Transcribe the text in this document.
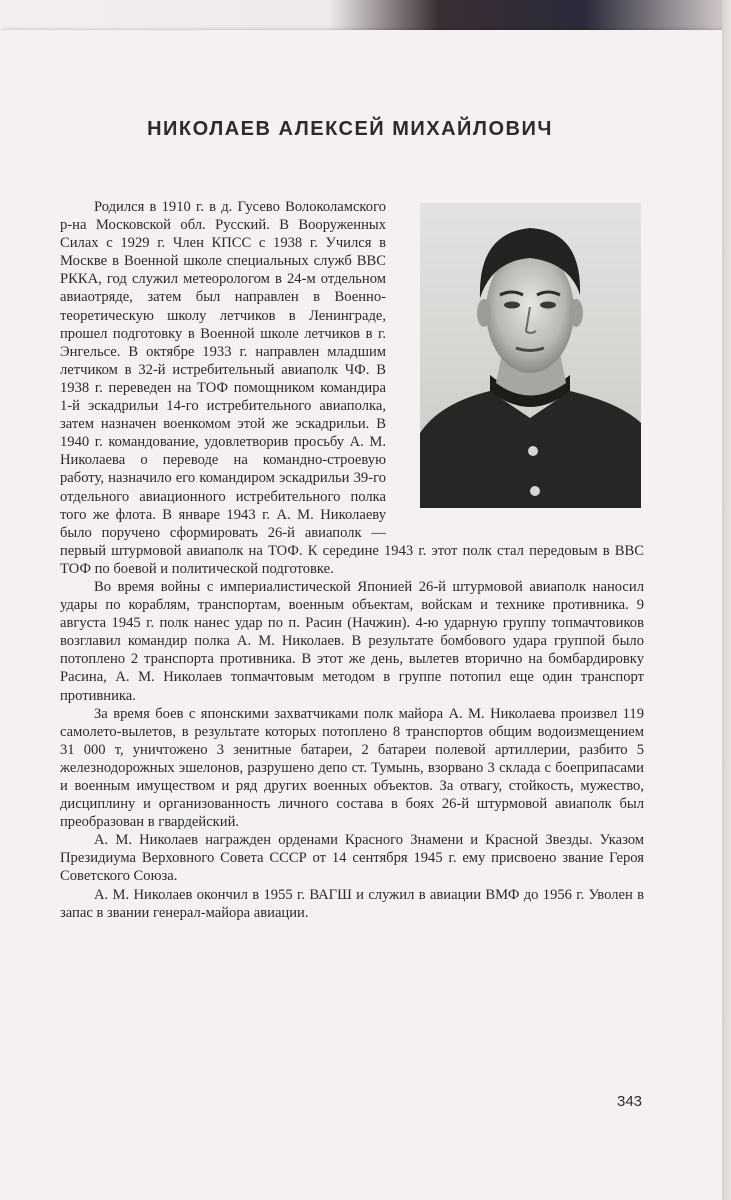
НИКОЛАЕВ АЛЕКСЕЙ МИХАЙЛОВИЧ

Родился в 1910 г. в д. Гусево Волоколамского р-на Московской обл. Русский. В Вооруженных Силах с 1929 г. Член КПСС с 1938 г. Учился в Москве в Военной школе специальных служб ВВС РККА, год служил метеорологом в 24-м отдельном авиаотряде, затем был направлен в Военно-теоретическую школу летчиков в Ленинграде, прошел подготовку в Военной школе летчиков в г. Энгельсе. В октябре 1933 г. направлен младшим летчиком в 32-й истребительный авиаполк ЧФ. В 1938 г. переведен на ТОФ помощником командира 1-й эскадрильи 14-го истребительного авиаполка, затем назначен военкомом этой же эскадрильи. В 1940 г. командование, удовлетворив просьбу А. М. Николаева о переводе на командно-строевую работу, назначило его командиром эскадрильи 39-го отдельного авиационного истребительного полка того же флота. В январе 1943 г. А. М. Николаеву было поручено сформировать 26-й авиаполк — первый штурмовой авиаполк на ТОФ. К середине 1943 г. этот полк стал передовым в ВВС ТОФ по боевой и политической подготовке.

Во время войны с империалистической Японией 26-й штурмовой авиаполк наносил удары по кораблям, транспортам, военным объектам, войскам и технике противника. 9 августа 1945 г. полк нанес удар по п. Расин (Начжин). 4-ю ударную группу топмачтовиков возглавил командир полка А. М. Николаев. В результате бомбового удара группой было потоплено 2 транспорта противника. В этот же день, вылетев вторично на бомбардировку Расина, А. М. Николаев топмачтовым методом в группе потопил еще один транспорт противника.

За время боев с японскими захватчиками полк майора А. М. Николаева произвел 119 самолето-вылетов, в результате которых потоплено 8 транспортов общим водоизмещением 31 000 т, уничтожено 3 зенитные батареи, 2 батареи полевой артиллерии, разбито 5 железнодорожных эшелонов, разрушено депо ст. Тумынь, взорвано 3 склада с боеприпасами и военным имуществом и ряд других военных объектов. За отвагу, стойкость, мужество, дисциплину и организованность личного состава в боях 26-й штурмовой авиаполк был преобразован в гвардейский.

А. М. Николаев награжден орденами Красного Знамени и Красной Звезды. Указом Президиума Верховного Совета СССР от 14 сентября 1945 г. ему присвоено звание Героя Советского Союза.

А. М. Николаев окончил в 1955 г. ВАГШ и служил в авиации ВМФ до 1956 г. Уволен в запас в звании генерал-майора авиации.

343
